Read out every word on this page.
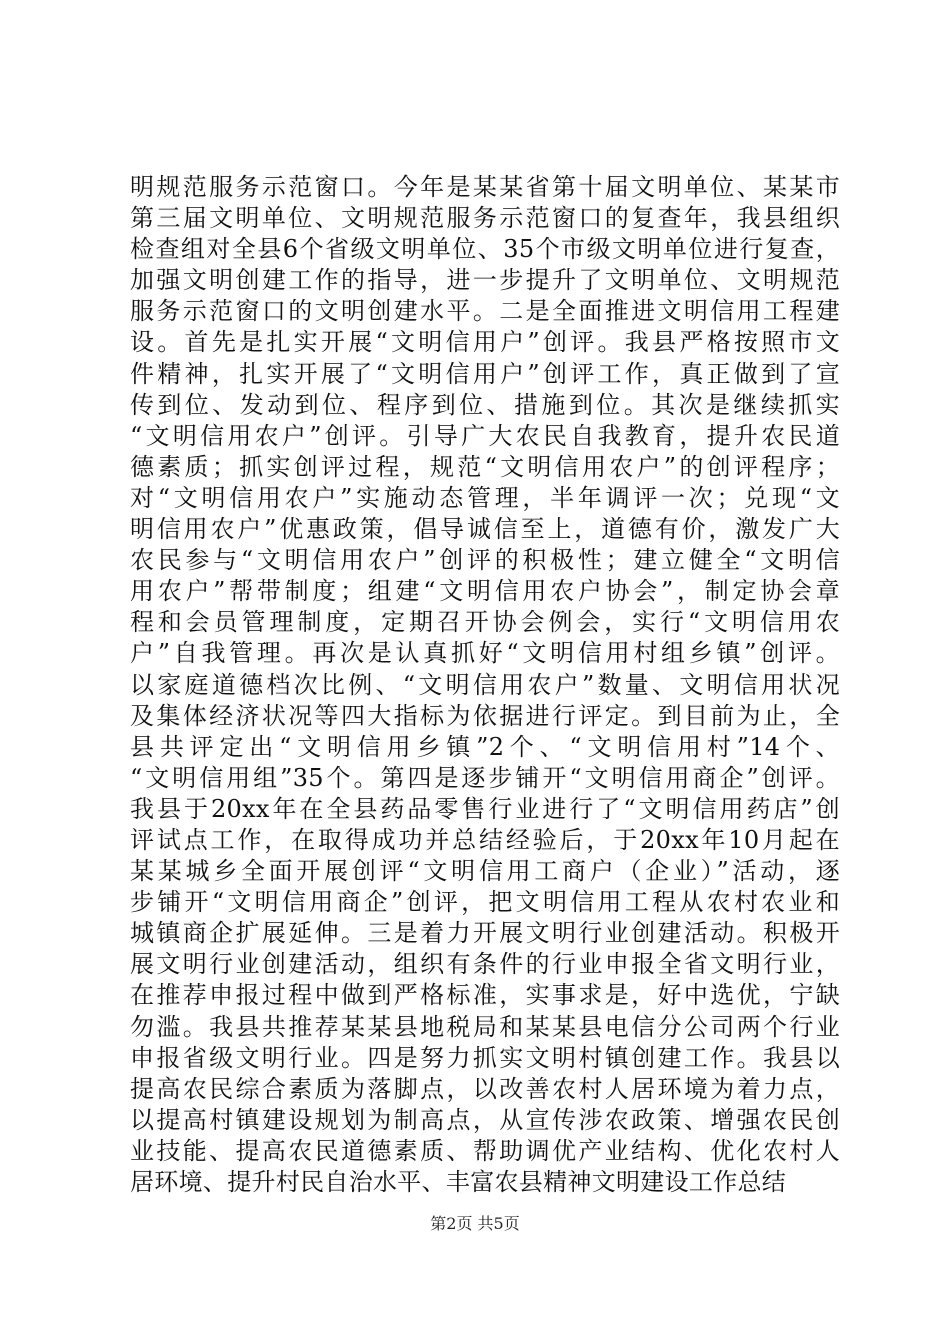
明规范服务示范窗口。今年是某某省第十届文明单位、某某市
第三届文明单位、文明规范服务示范窗口的复查年，我县组织
检查组对全县6个省级文明单位、35个市级文明单位进行复查，
加强文明创建工作的指导，进一步提升了文明单位、文明规范
服务示范窗口的文明创建水平。二是全面推进文明信用工程建
设。首先是扎实开展“文明信用户”创评。我县严格按照市文
件精神，扎实开展了“文明信用户”创评工作，真正做到了宣
传到位、发动到位、程序到位、措施到位。其次是继续抓实
“文明信用农户”创评。引导广大农民自我教育，提升农民道
德素质；抓实创评过程，规范“文明信用农户”的创评程序；
对“文明信用农户”实施动态管理，半年调评一次；兑现“文
明信用农户”优惠政策，倡导诚信至上，道德有价，激发广大
农民参与“文明信用农户”创评的积极性；建立健全“文明信
用农户”帮带制度；组建“文明信用农户协会”，制定协会章
程和会员管理制度，定期召开协会例会，实行“文明信用农
户”自我管理。再次是认真抓好“文明信用村组乡镇”创评。
以家庭道德档次比例、“文明信用农户”数量、文明信用状况
及集体经济状况等四大指标为依据进行评定。到目前为止，全
县共评定出“文明信用乡镇”2个、“文明信用村”14个、
“文明信用组”35个。第四是逐步铺开“文明信用商企”创评。
我县于20xx年在全县药品零售行业进行了“文明信用药店”创
评试点工作，在取得成功并总结经验后，于20xx年10月起在
某某城乡全面开展创评“文明信用工商户（企业）”活动，逐
步铺开“文明信用商企”创评，把文明信用工程从农村农业和
城镇商企扩展延伸。三是着力开展文明行业创建活动。积极开
展文明行业创建活动，组织有条件的行业申报全省文明行业，
在推荐申报过程中做到严格标准，实事求是，好中选优，宁缺
勿滥。我县共推荐某某县地税局和某某县电信分公司两个行业
申报省级文明行业。四是努力抓实文明村镇创建工作。我县以
提高农民综合素质为落脚点，以改善农村人居环境为着力点，
以提高村镇建设规划为制高点，从宣传涉农政策、增强农民创
业技能、提高农民道德素质、帮助调优产业结构、优化农村人
居环境、提升村民自治水平、丰富农县精神文明建设工作总结
第2页 共5页
